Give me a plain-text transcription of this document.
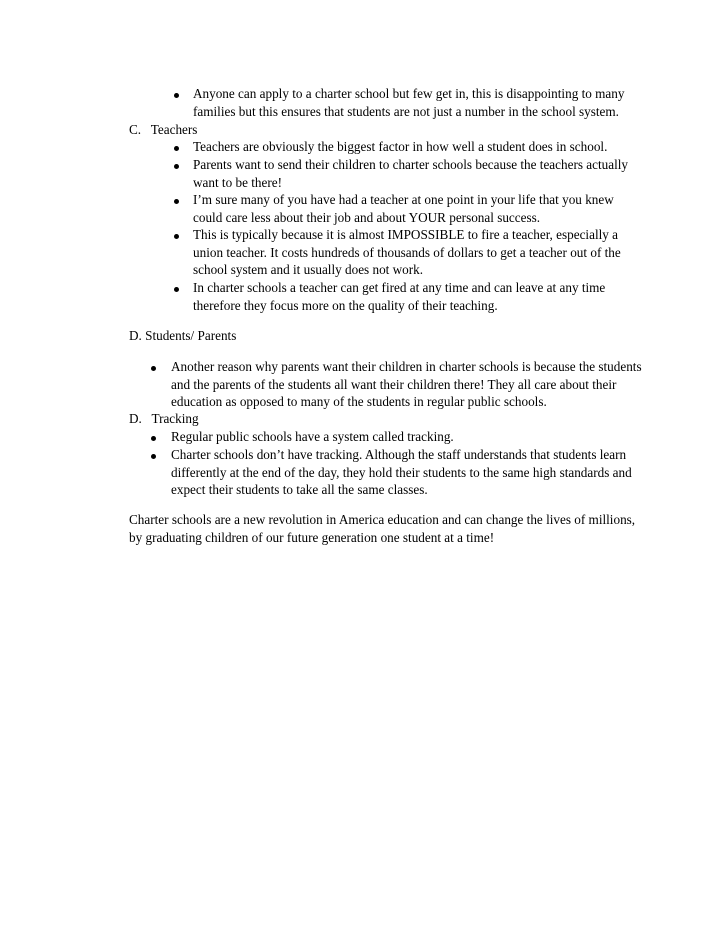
Anyone can apply to a charter school but few get in, this is disappointing to many families but this ensures that students are not just a number in the school system.
C.   Teachers
Teachers are obviously the biggest factor in how well a student does in school.
Parents want to send their children to charter schools because the teachers actually want to be there!
I’m sure many of you have had a teacher at one point in your life that you knew could care less about their job and about YOUR personal success.
This is typically because it is almost IMPOSSIBLE to fire a teacher, especially a union teacher. It costs hundreds of thousands of dollars to get a teacher out of the school system and it usually does not work.
In charter schools a teacher can get fired at any time and can leave at any time therefore they focus more on the quality of their teaching.
D. Students/ Parents
Another reason why parents want their children in charter schools is because the students and the parents of the students all want their children there! They all care about their education as opposed to many of the students in regular public schools.
D.   Tracking
Regular public schools have a system called tracking.
Charter schools don’t have tracking. Although the staff understands that students learn differently at the end of the day, they hold their students to the same high standards and expect their students to take all the same classes.
Charter schools are a new revolution in America education and can change the lives of millions, by graduating children of our future generation one student at a time!
